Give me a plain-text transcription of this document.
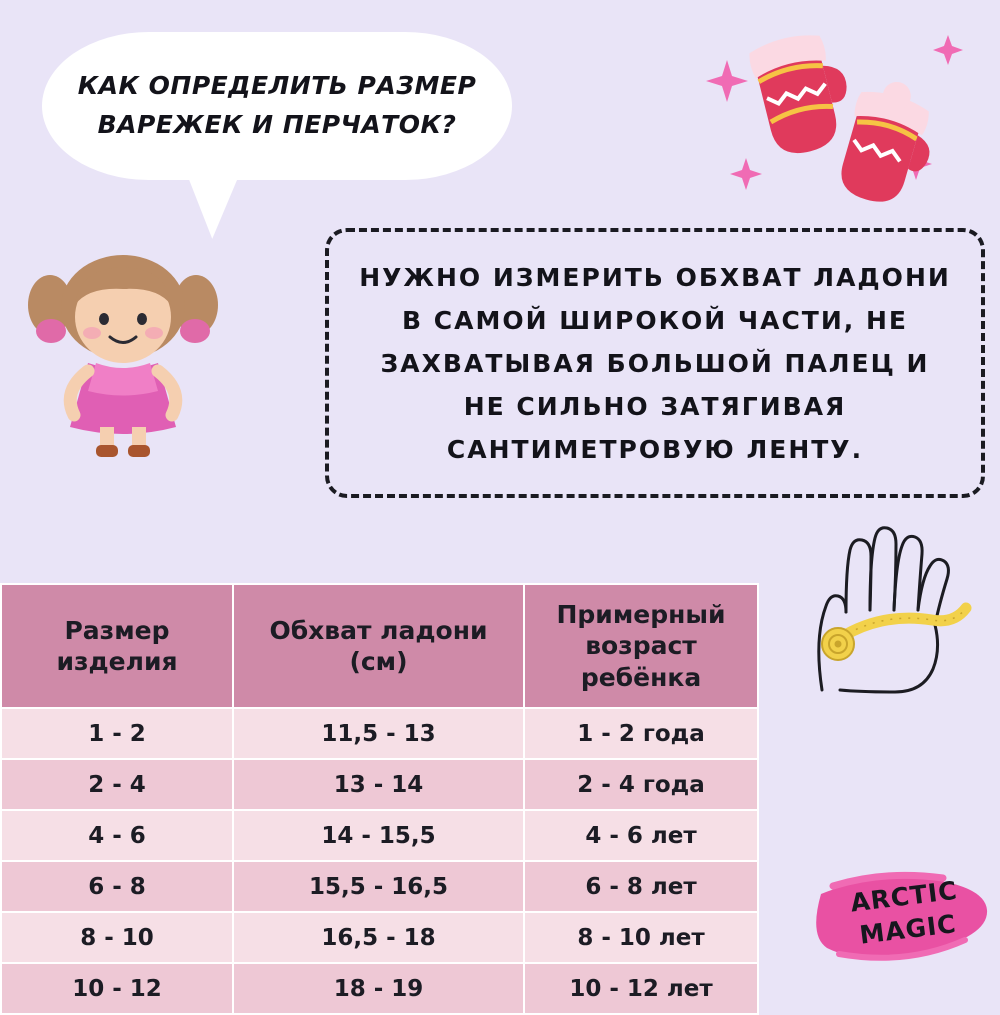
КАК ОПРЕДЕЛИТЬ РАЗМЕР ВАРЕЖЕК И ПЕРЧАТОК?
Размер изделия	Обхват ладони (см)	Примерный возраст ребёнка
1 - 2	11,5 - 13	1 - 2 года
2 - 4	13 - 14	2 - 4 года
4 - 6	14 - 15,5	4 - 6 лет
6 - 8	15,5 - 16,5	6 - 8 лет
8 - 10	16,5 - 18	8 - 10 лет
10 - 12	18 - 19	10 - 12 лет
НУЖНО ИЗМЕРИТЬ ОБХВАТ ЛАДОНИ В САМОЙ ШИРОКОЙ ЧАСТИ, НЕ ЗАХВАТЫВАЯ БОЛЬШОЙ ПАЛЕЦ И НЕ СИЛЬНО ЗАТЯГИВАЯ САНТИМЕТРОВУЮ ЛЕНТУ.
ARCTIC
MAGIC
